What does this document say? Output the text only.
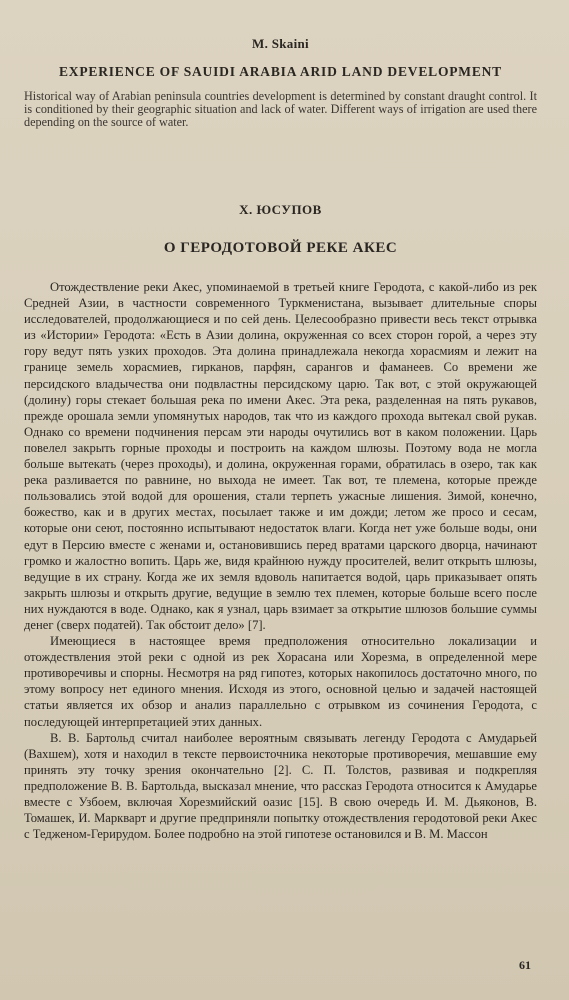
M. Skaini
EXPERIENCE OF SAUIDI ARABIA ARID LAND DEVELOPMENT
Historical way of Arabian peninsula countries development is determined by constant draught control. It is conditioned by their geographic situation and lack of water. Different ways of irrigation are used there depending on the source of water.
Х. ЮСУПОВ
О ГЕРОДОТОВОЙ РЕКЕ АКЕС

Отождествление реки Акес, упоминаемой в третьей книге Геродота, с какой-либо из рек Средней Азии, в частности современного Туркменистана, вызывает длительные споры исследователей, продолжающиеся и по сей день. Целесообразно привести весь текст отрывка из «Истории» Геродота: «Есть в Азии долина, окруженная со всех сторон горой, а через эту гору ведут пять узких проходов. Эта долина принадлежала некогда хорасмиям и лежит на границе земель хорасмиев, гирканов, парфян, сарангов и фаманеев. Со времени же персидского владычества они подвластны персидскому царю. Так вот, с этой окружающей (долину) горы стекает большая река по имени Акес. Эта река, разделенная на пять рукавов, прежде орошала земли упомянутых народов, так что из каждого прохода вытекал свой рукав. Однако со времени подчинения персам эти народы очутились вот в каком положении. Царь повелел закрыть горные проходы и построить на каждом шлюзы. Поэтому вода не могла больше вытекать (через проходы), и долина, окруженная горами, обратилась в озеро, так как река разливается по равнине, но выхода не имеет. Так вот, те племена, которые прежде пользовались этой водой для орошения, стали терпеть ужасные лишения. Зимой, конечно, божество, как и в других местах, посылает также и им дожди; летом же просо и сесам, которые они сеют, постоянно испытывают недостаток влаги. Когда нет уже больше воды, они едут в Персию вместе с женами и, остановившись перед вратами царского дворца, начинают громко и жалостно вопить. Царь же, видя крайнюю нужду просителей, велит открыть шлюзы, ведущие в их страну. Когда же их земля вдоволь напитается водой, царь приказывает опять закрыть шлюзы и открыть другие, ведущие в землю тех племен, которые больше всего после них нуждаются в воде. Однако, как я узнал, царь взимает за открытие шлюзов большие суммы денег (сверх податей). Так обстоит дело» [7].

Имеющиеся в настоящее время предположения относительно локализации и отождествления этой реки с одной из рек Хорасана или Хорезма, в определенной мере противоречивы и спорны. Несмотря на ряд гипотез, которых накопилось достаточно много, по этому вопросу нет единого мнения. Исходя из этого, основной целью и задачей настоящей статьи является их обзор и анализ параллельно с отрывком из сочинения Геродота, с последующей интерпретацией этих данных.

В. В. Бартольд считал наиболее вероятным связывать легенду Геродота с Амударьей (Вахшем), хотя и находил в тексте первоисточника некоторые противоречия, мешавшие ему принять эту точку зрения окончательно [2]. С. П. Толстов, развивая и подкрепляя предположение В. В. Бартольда, высказал мнение, что рассказ Геродота относится к Амударье вместе с Узбоем, включая Хорезмийский оазис [15]. В свою очередь И. М. Дьяконов, В. Томашек, И. Маркварт и другие предприняли попытку отождествления геродотовой реки Акес с Тедженом-Герирудом. Более подробно на этой гипотезе остановился и В. М. Массон

61
